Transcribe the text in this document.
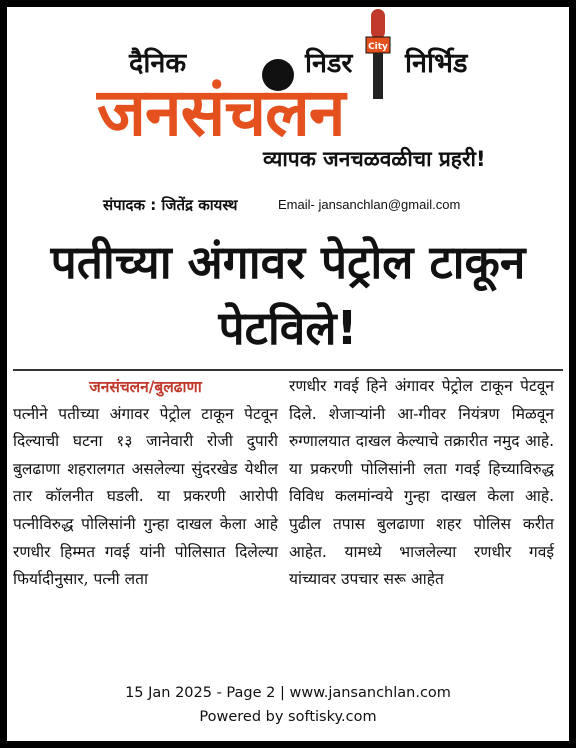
दैनिक	निडर निर्भिड
City
जनसंचलन
व्यापक जनचळवळीचा प्रहरी!
संपादक : जितेंद्र कायस्थ	Email- jansanchlan@gmail.com
पतीच्या अंगावर पेट्रोल टाकून
पेटविले!
जनसंचलन/बुलढाणा
पत्नीने पतीच्या अंगावर पेट्रोल टाकून पेटवून दिल्याची घटना १३ जानेवारी रोजी दुपारी बुलढाणा शहरालगत असलेल्या सुंदरखेड येथील तार कॉलनीत घडली. या प्रकरणी आरोपी पत्नीविरुद्ध पोलिसांनी गुन्हा दाखल केला आहे रणधीर हिम्मत गवई यांनी पोलिसात दिलेल्या फिर्यादीनुसार, पत्नी लता
रणधीर गवई हिने अंगावर पेट्रोल टाकून पेटवून दिले. शेजाऱ्यांनी आ-गीवर नियंत्रण मिळवून रुग्णालयात दाखल केल्याचे तक्रारीत नमुद आहे. या प्रकरणी पोलिसांनी लता गवई हिच्याविरुद्ध विविध कलमांन्वये गुन्हा दाखल केला आहे. पुढील तपास बुलढाणा शहर पोलिस करीत आहेत. यामध्ये भाजलेल्या रणधीर गवई यांच्यावर उपचार सरू आहेत
15 Jan 2025 - Page 2 | www.jansanchlan.com
Powered by softisky.com
